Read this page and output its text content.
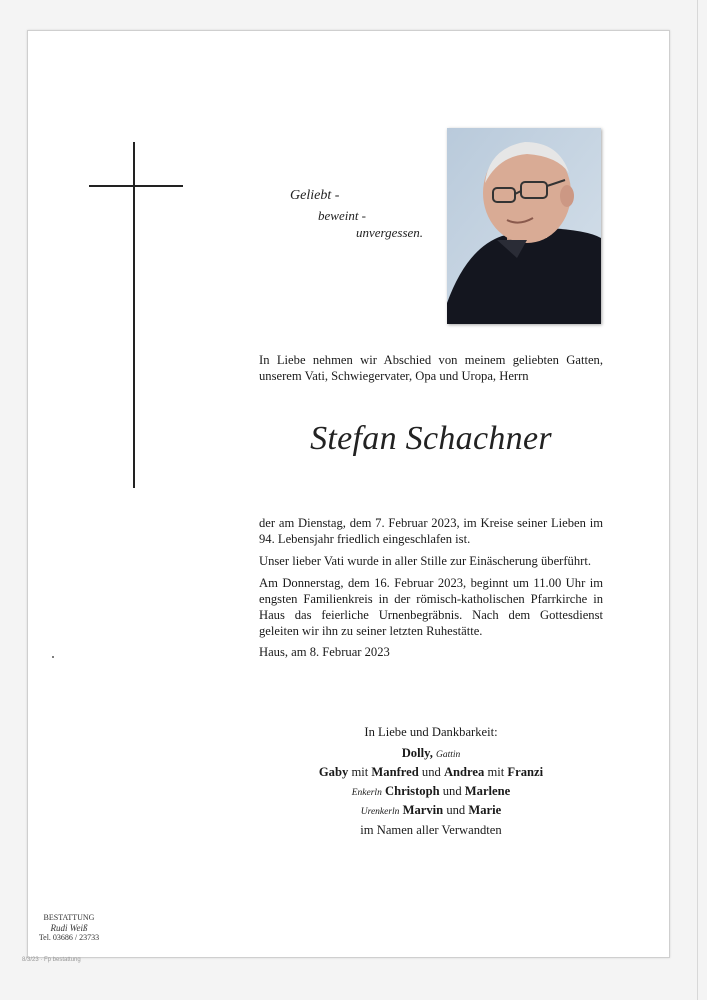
Geliebt -
beweint -
unvergessen.
In Liebe nehmen wir Abschied von meinem geliebten Gatten, unserem Vati, Schwiegervater, Opa und Uropa, Herrn
Stefan Schachner

der am Dienstag, dem 7. Februar 2023, im Kreise seiner Lieben im 94. Lebensjahr friedlich eingeschlafen ist.

Unser lieber Vati wurde in aller Stille zur Einäscherung überführt.

Am Donnerstag, dem 16. Februar 2023, beginnt um 11.00 Uhr im engsten Familienkreis in der römisch-katholischen Pfarrkirche in Haus das feierliche Urnenbegräbnis. Nach dem Gottesdienst geleiten wir ihn zu seiner letzten Ruhestätte.

Haus, am 8. Februar 2023
In Liebe und Dankbarkeit:
Dolly, Gattin
Gaby mit Manfred und Andrea mit Franzi
Enkerln Christoph und Marlene
Urenkerln Marvin und Marie
im Namen aller Verwandten
BESTATTUNG
Rudi Weiß
Tel. 03686 / 23733
8/3/23 · Fp bestattung
